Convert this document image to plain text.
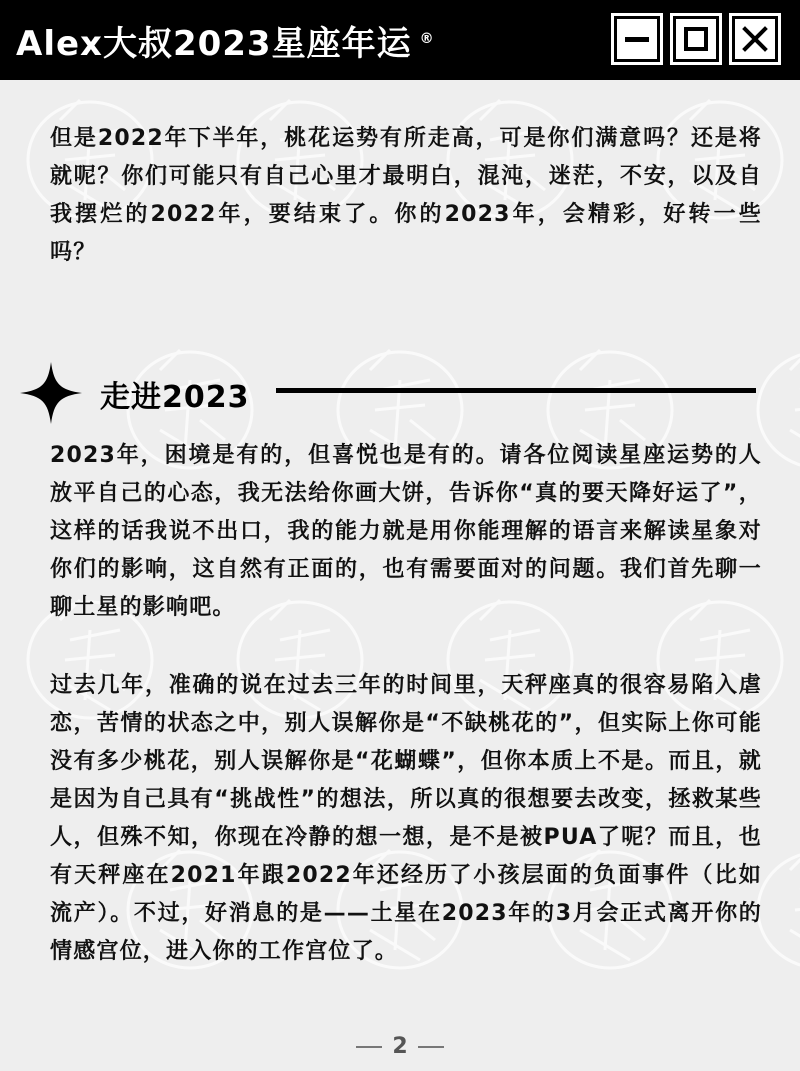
Alex大叔2023星座年运 ®
但是2022年下半年，桃花运势有所走高，可是你们满意吗？还是将就呢？你们可能只有自己心里才最明白，混沌，迷茫，不安，以及自我摆烂的2022年，要结束了。你的2023年，会精彩，好转一些吗？
走进2023
2023年，困境是有的，但喜悦也是有的。请各位阅读星座运势的人放平自己的心态，我无法给你画大饼，告诉你“真的要天降好运了”，这样的话我说不出口，我的能力就是用你能理解的语言来解读星象对你们的影响，这自然有正面的，也有需要面对的问题。我们首先聊一聊土星的影响吧。
过去几年，准确的说在过去三年的时间里，天秤座真的很容易陷入虐恋，苦情的状态之中，别人误解你是“不缺桃花的”，但实际上你可能没有多少桃花，别人误解你是“花蝴蝶”，但你本质上不是。而且，就是因为自己具有“挑战性”的想法，所以真的很想要去改变，拯救某些人，但殊不知，你现在冷静的想一想，是不是被PUA了呢？而且，也有天秤座在2021年跟2022年还经历了小孩层面的负面事件（比如流产）。不过，好消息的是——土星在2023年的3月会正式离开你的情感宫位，进入你的工作宫位了。
2
